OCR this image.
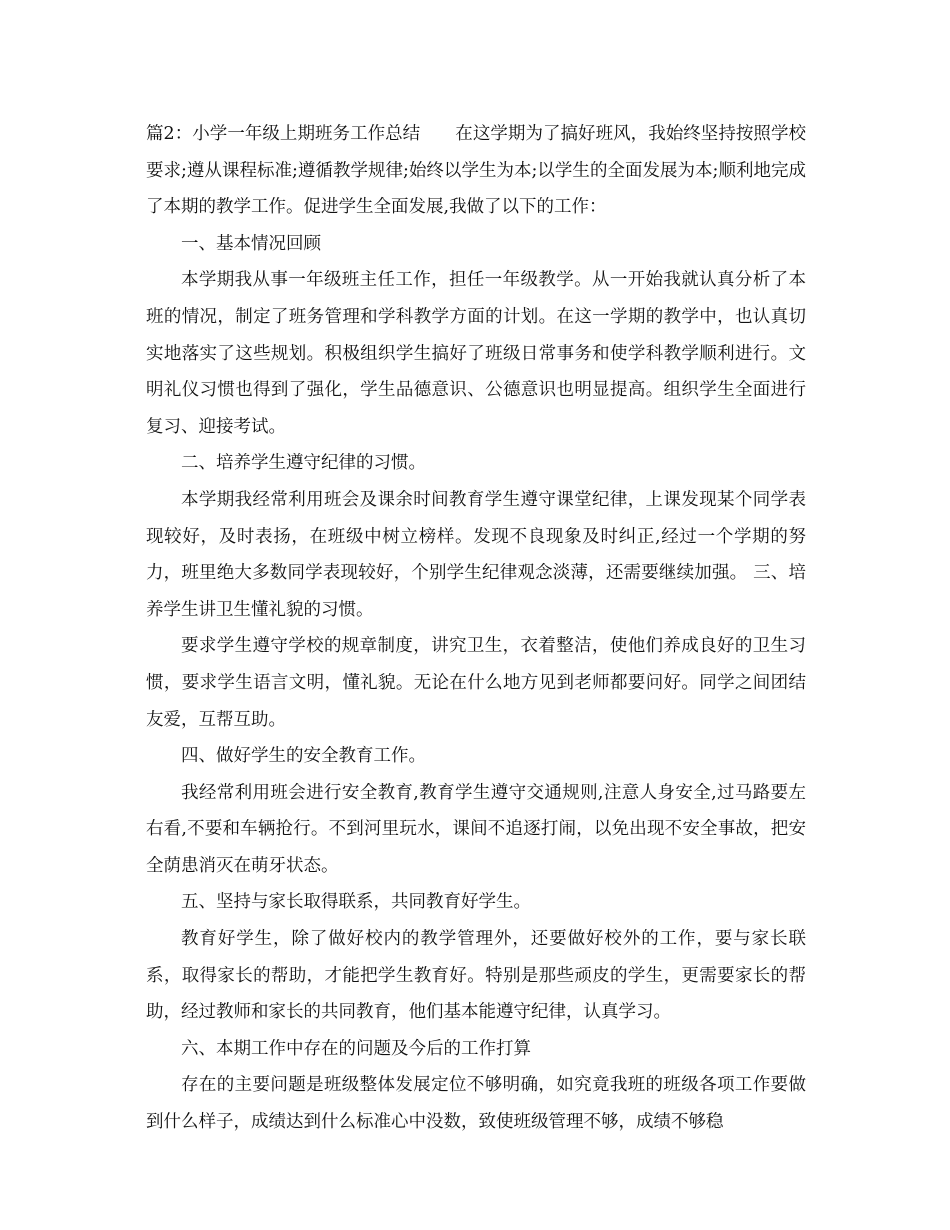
篇2：小学一年级上期班务工作总结　　在这学期为了搞好班风，我始终坚持按照学校要求;遵从课程标准;遵循教学规律;始终以学生为本;以学生的全面发展为本;顺利地完成了本期的教学工作。促进学生全面发展,我做了以下的工作：

一、基本情况回顾

本学期我从事一年级班主任工作，担任一年级教学。从一开始我就认真分析了本班的情况，制定了班务管理和学科教学方面的计划。在这一学期的教学中，也认真切实地落实了这些规划。积极组织学生搞好了班级日常事务和使学科教学顺利进行。文明礼仪习惯也得到了强化，学生品德意识、公德意识也明显提高。组织学生全面进行复习、迎接考试。

二、培养学生遵守纪律的习惯。

本学期我经常利用班会及课余时间教育学生遵守课堂纪律，上课发现某个同学表现较好，及时表扬，在班级中树立榜样。发现不良现象及时纠正,经过一个学期的努力，班里绝大多数同学表现较好，个别学生纪律观念淡薄，还需要继续加强。 三、培养学生讲卫生懂礼貌的习惯。

要求学生遵守学校的规章制度，讲究卫生，衣着整洁，使他们养成良好的卫生习惯，要求学生语言文明，懂礼貌。无论在什么地方见到老师都要问好。同学之间团结友爱，互帮互助。

四、做好学生的安全教育工作。

我经常利用班会进行安全教育,教育学生遵守交通规则,注意人身安全,过马路要左右看,不要和车辆抢行。不到河里玩水，课间不追逐打闹，以免出现不安全事故，把安全荫患消灭在萌牙状态。

五、坚持与家长取得联系，共同教育好学生。

教育好学生，除了做好校内的教学管理外，还要做好校外的工作，要与家长联系，取得家长的帮助，才能把学生教育好。特别是那些顽皮的学生，更需要家长的帮助，经过教师和家长的共同教育，他们基本能遵守纪律，认真学习。

六、本期工作中存在的问题及今后的工作打算

存在的主要问题是班级整体发展定位不够明确，如究竟我班的班级各项工作要做到什么样子，成绩达到什么标准心中没数，致使班级管理不够，成绩不够稳
